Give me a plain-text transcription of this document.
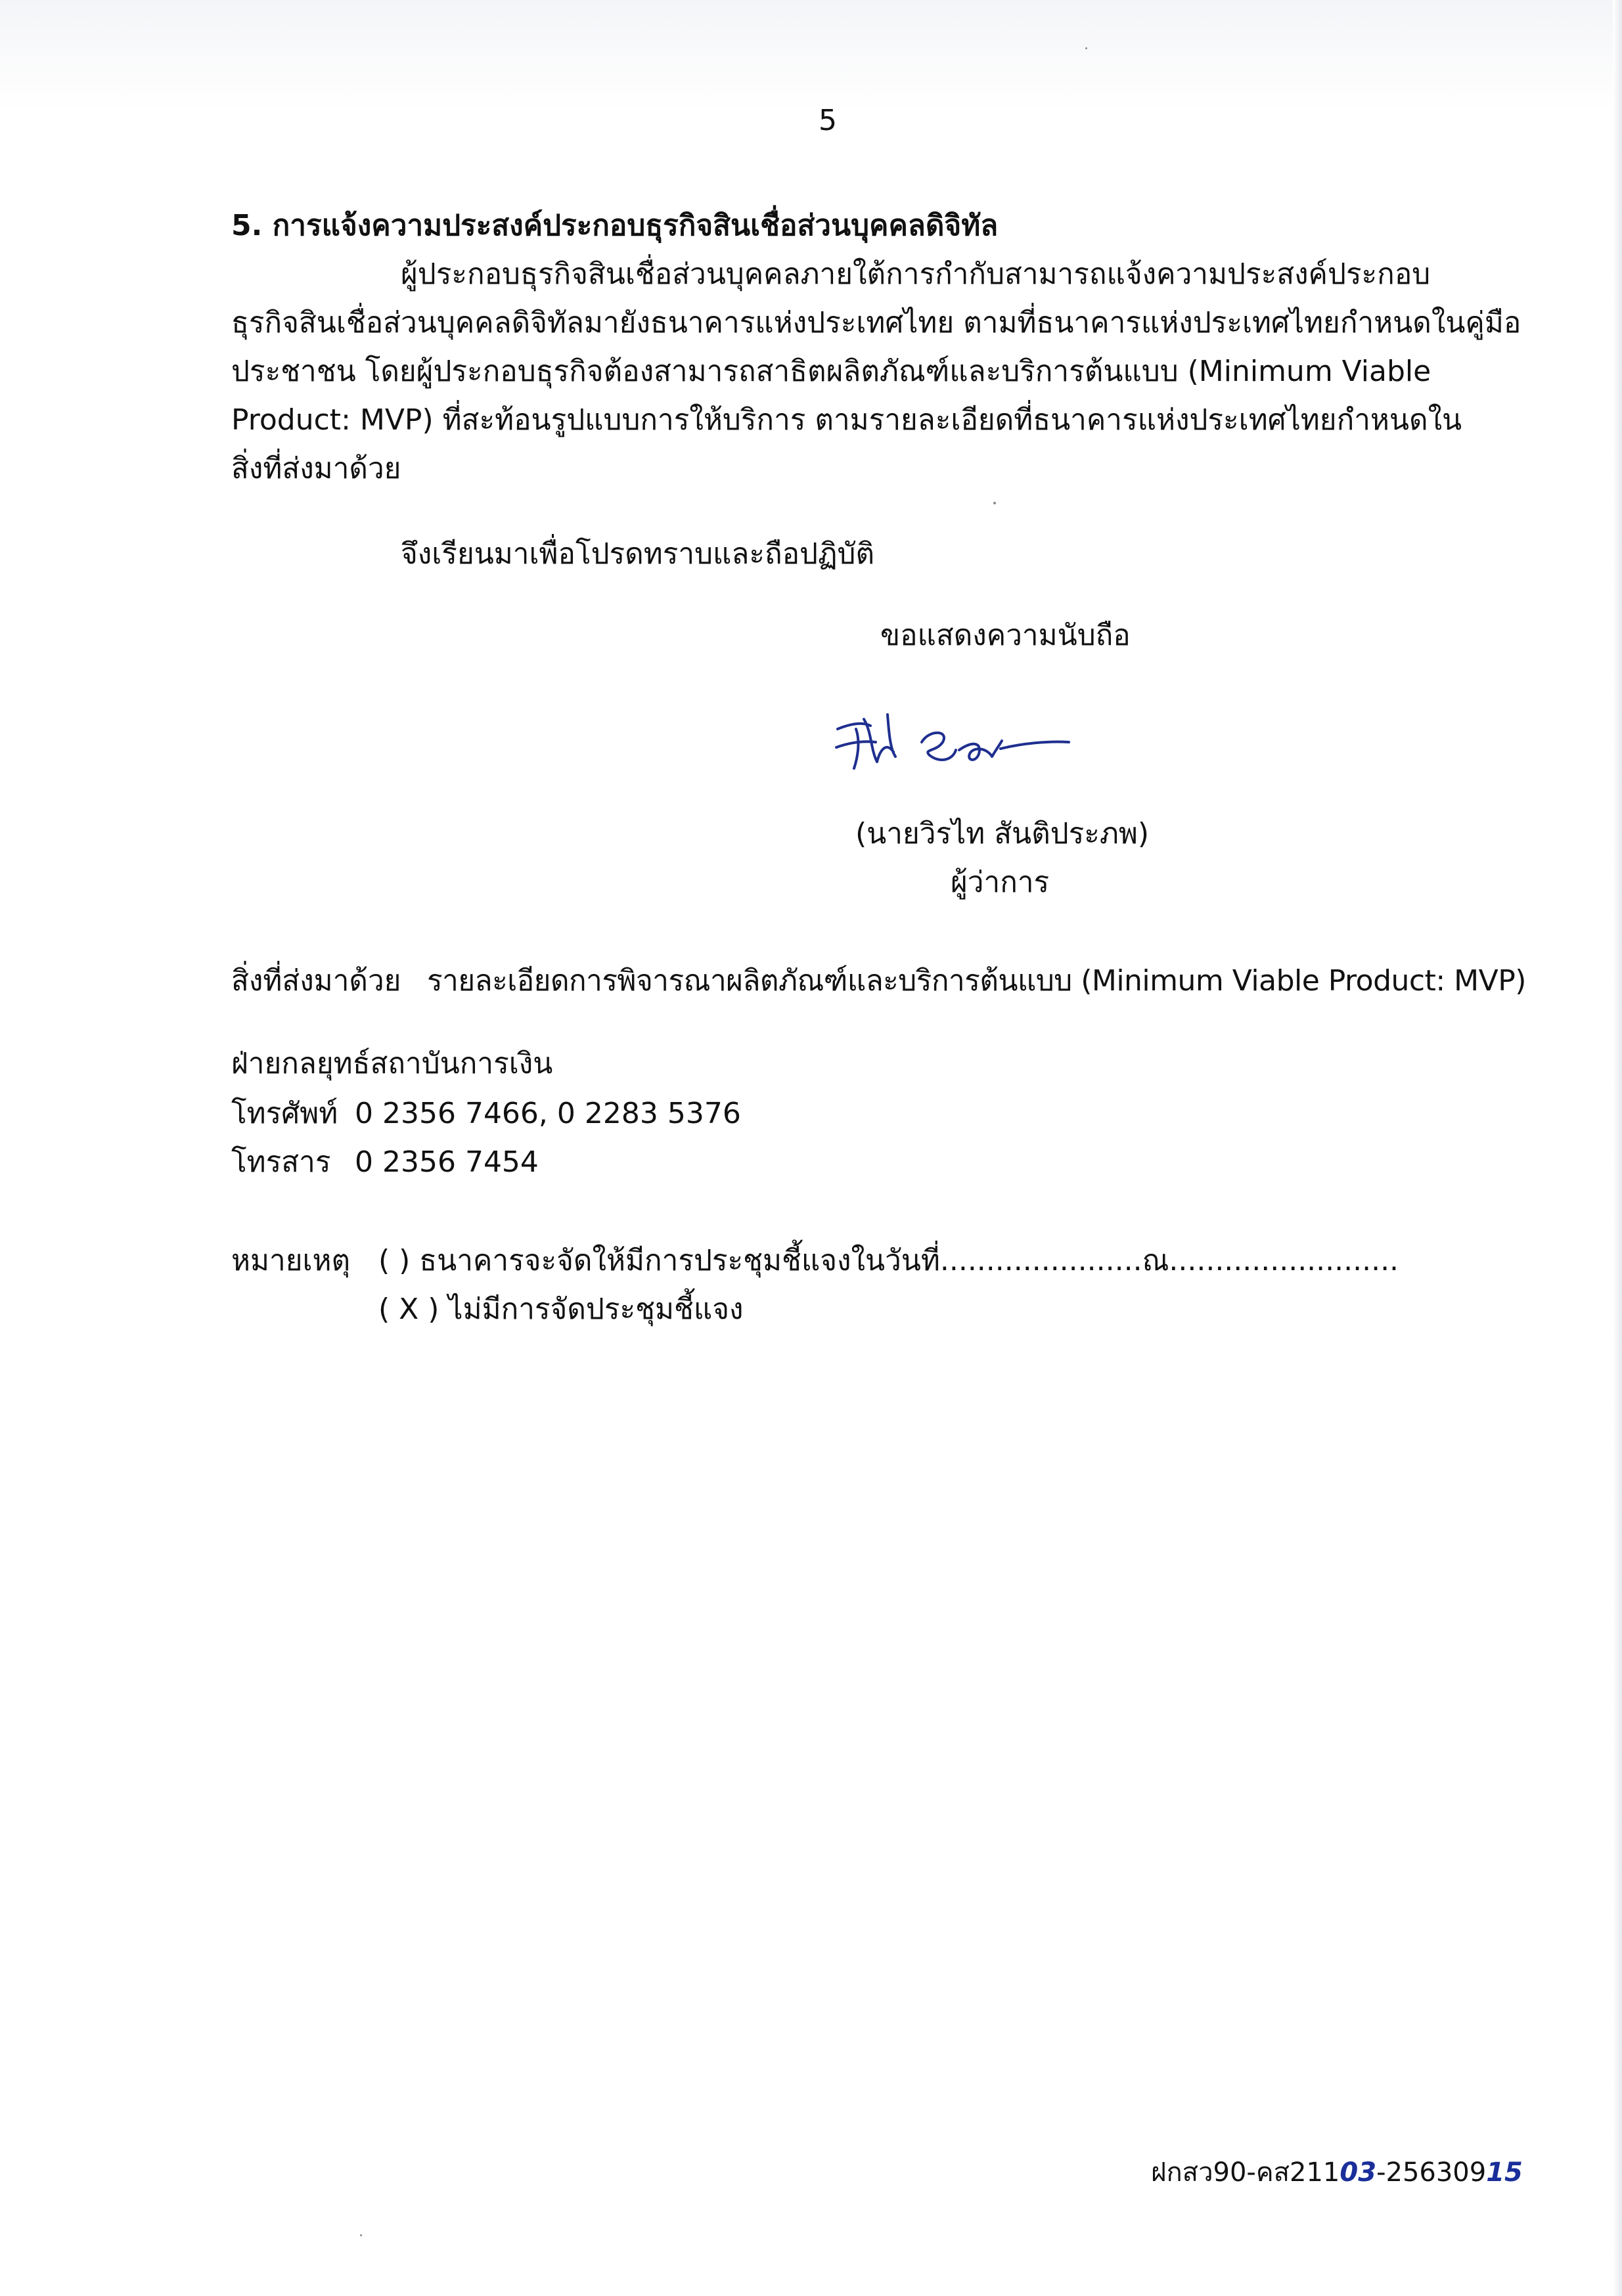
5
5. การแจ้งความประสงค์ประกอบธุรกิจสินเชื่อส่วนบุคคลดิจิทัล
ผู้ประกอบธุรกิจสินเชื่อส่วนบุคคลภายใต้การกำกับสามารถแจ้งความประสงค์ประกอบ
ธุรกิจสินเชื่อส่วนบุคคลดิจิทัลมายังธนาคารแห่งประเทศไทย ตามที่ธนาคารแห่งประเทศไทยกำหนดในคู่มือ
ประชาชน โดยผู้ประกอบธุรกิจต้องสามารถสาธิตผลิตภัณฑ์และบริการต้นแบบ (Minimum Viable
Product: MVP) ที่สะท้อนรูปแบบการให้บริการ ตามรายละเอียดที่ธนาคารแห่งประเทศไทยกำหนดใน
สิ่งที่ส่งมาด้วย
จึงเรียนมาเพื่อโปรดทราบและถือปฏิบัติ
ขอแสดงความนับถือ
(นายวิรไท สันติประภพ)
ผู้ว่าการ
สิ่งที่ส่งมาด้วย รายละเอียดการพิจารณาผลิตภัณฑ์และบริการต้นแบบ (Minimum Viable Product: MVP)
ฝ่ายกลยุทธ์สถาบันการเงิน
โทรศัพท์ 0 2356 7466, 0 2283 5376
โทรสาร 0 2356 7454
หมายเหตุ ( ) ธนาคารจะจัดให้มีการประชุมชี้แจงในวันที่......................ณ.........................
( X ) ไม่มีการจัดประชุมชี้แจง
ฝกสว90-คส21103-25630915
